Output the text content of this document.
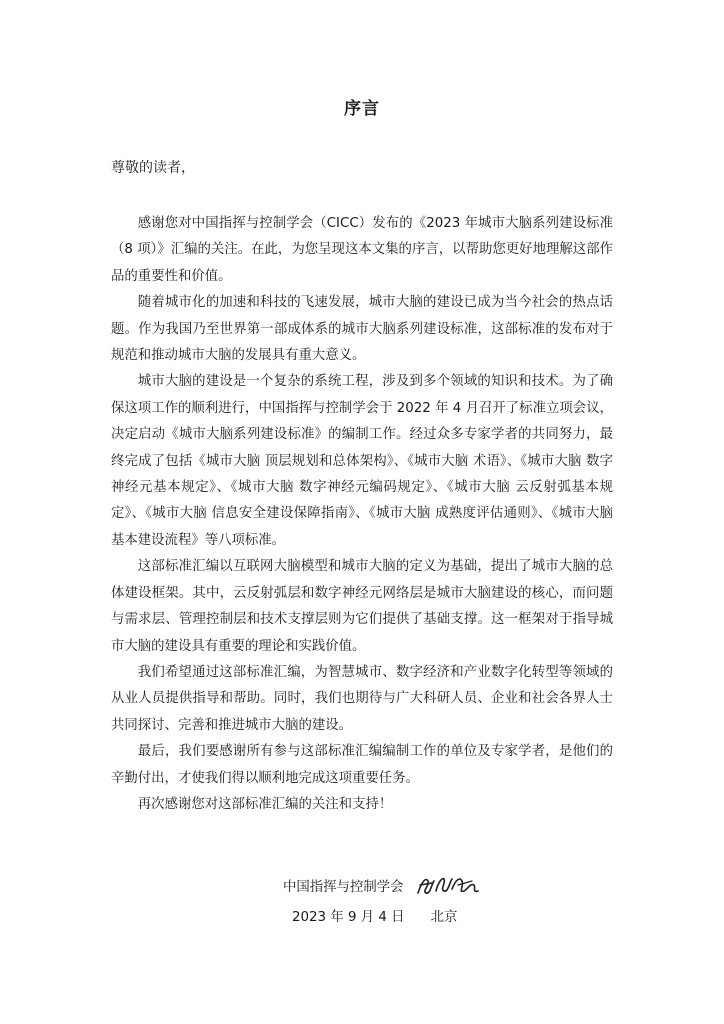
序言
尊敬的读者，

感谢您对中国指挥与控制学会（CICC）发布的《2023 年城市大脑系列建设标准（8 项）》汇编的关注。在此，为您呈现这本文集的序言，以帮助您更好地理解这部作品的重要性和价值。

随着城市化的加速和科技的飞速发展，城市大脑的建设已成为当今社会的热点话题。作为我国乃至世界第一部成体系的城市大脑系列建设标准，这部标准的发布对于规范和推动城市大脑的发展具有重大意义。

城市大脑的建设是一个复杂的系统工程，涉及到多个领域的知识和技术。为了确保这项工作的顺利进行，中国指挥与控制学会于 2022 年 4 月召开了标准立项会议，决定启动《城市大脑系列建设标准》的编制工作。经过众多专家学者的共同努力，最终完成了包括《城市大脑 顶层规划和总体架构》、《城市大脑 术语》、《城市大脑 数字神经元基本规定》、《城市大脑 数字神经元编码规定》、《城市大脑 云反射弧基本规定》、《城市大脑 信息安全建设保障指南》、《城市大脑 成熟度评估通则》、《城市大脑 基本建设流程》等八项标准。

这部标准汇编以互联网大脑模型和城市大脑的定义为基础，提出了城市大脑的总体建设框架。其中，云反射弧层和数字神经元网络层是城市大脑建设的核心，而问题与需求层、管理控制层和技术支撑层则为它们提供了基础支撑。这一框架对于指导城市大脑的建设具有重要的理论和实践价值。

我们希望通过这部标准汇编，为智慧城市、数字经济和产业数字化转型等领域的从业人员提供指导和帮助。同时，我们也期待与广大科研人员、企业和社会各界人士共同探讨、完善和推进城市大脑的建设。

最后，我们要感谢所有参与这部标准汇编编制工作的单位及专家学者，是他们的辛勤付出，才使我们得以顺利地完成这项重要任务。

再次感谢您对这部标准汇编的关注和支持！

中国指挥与控制学会
2023 年 9 月 4 日 北京
